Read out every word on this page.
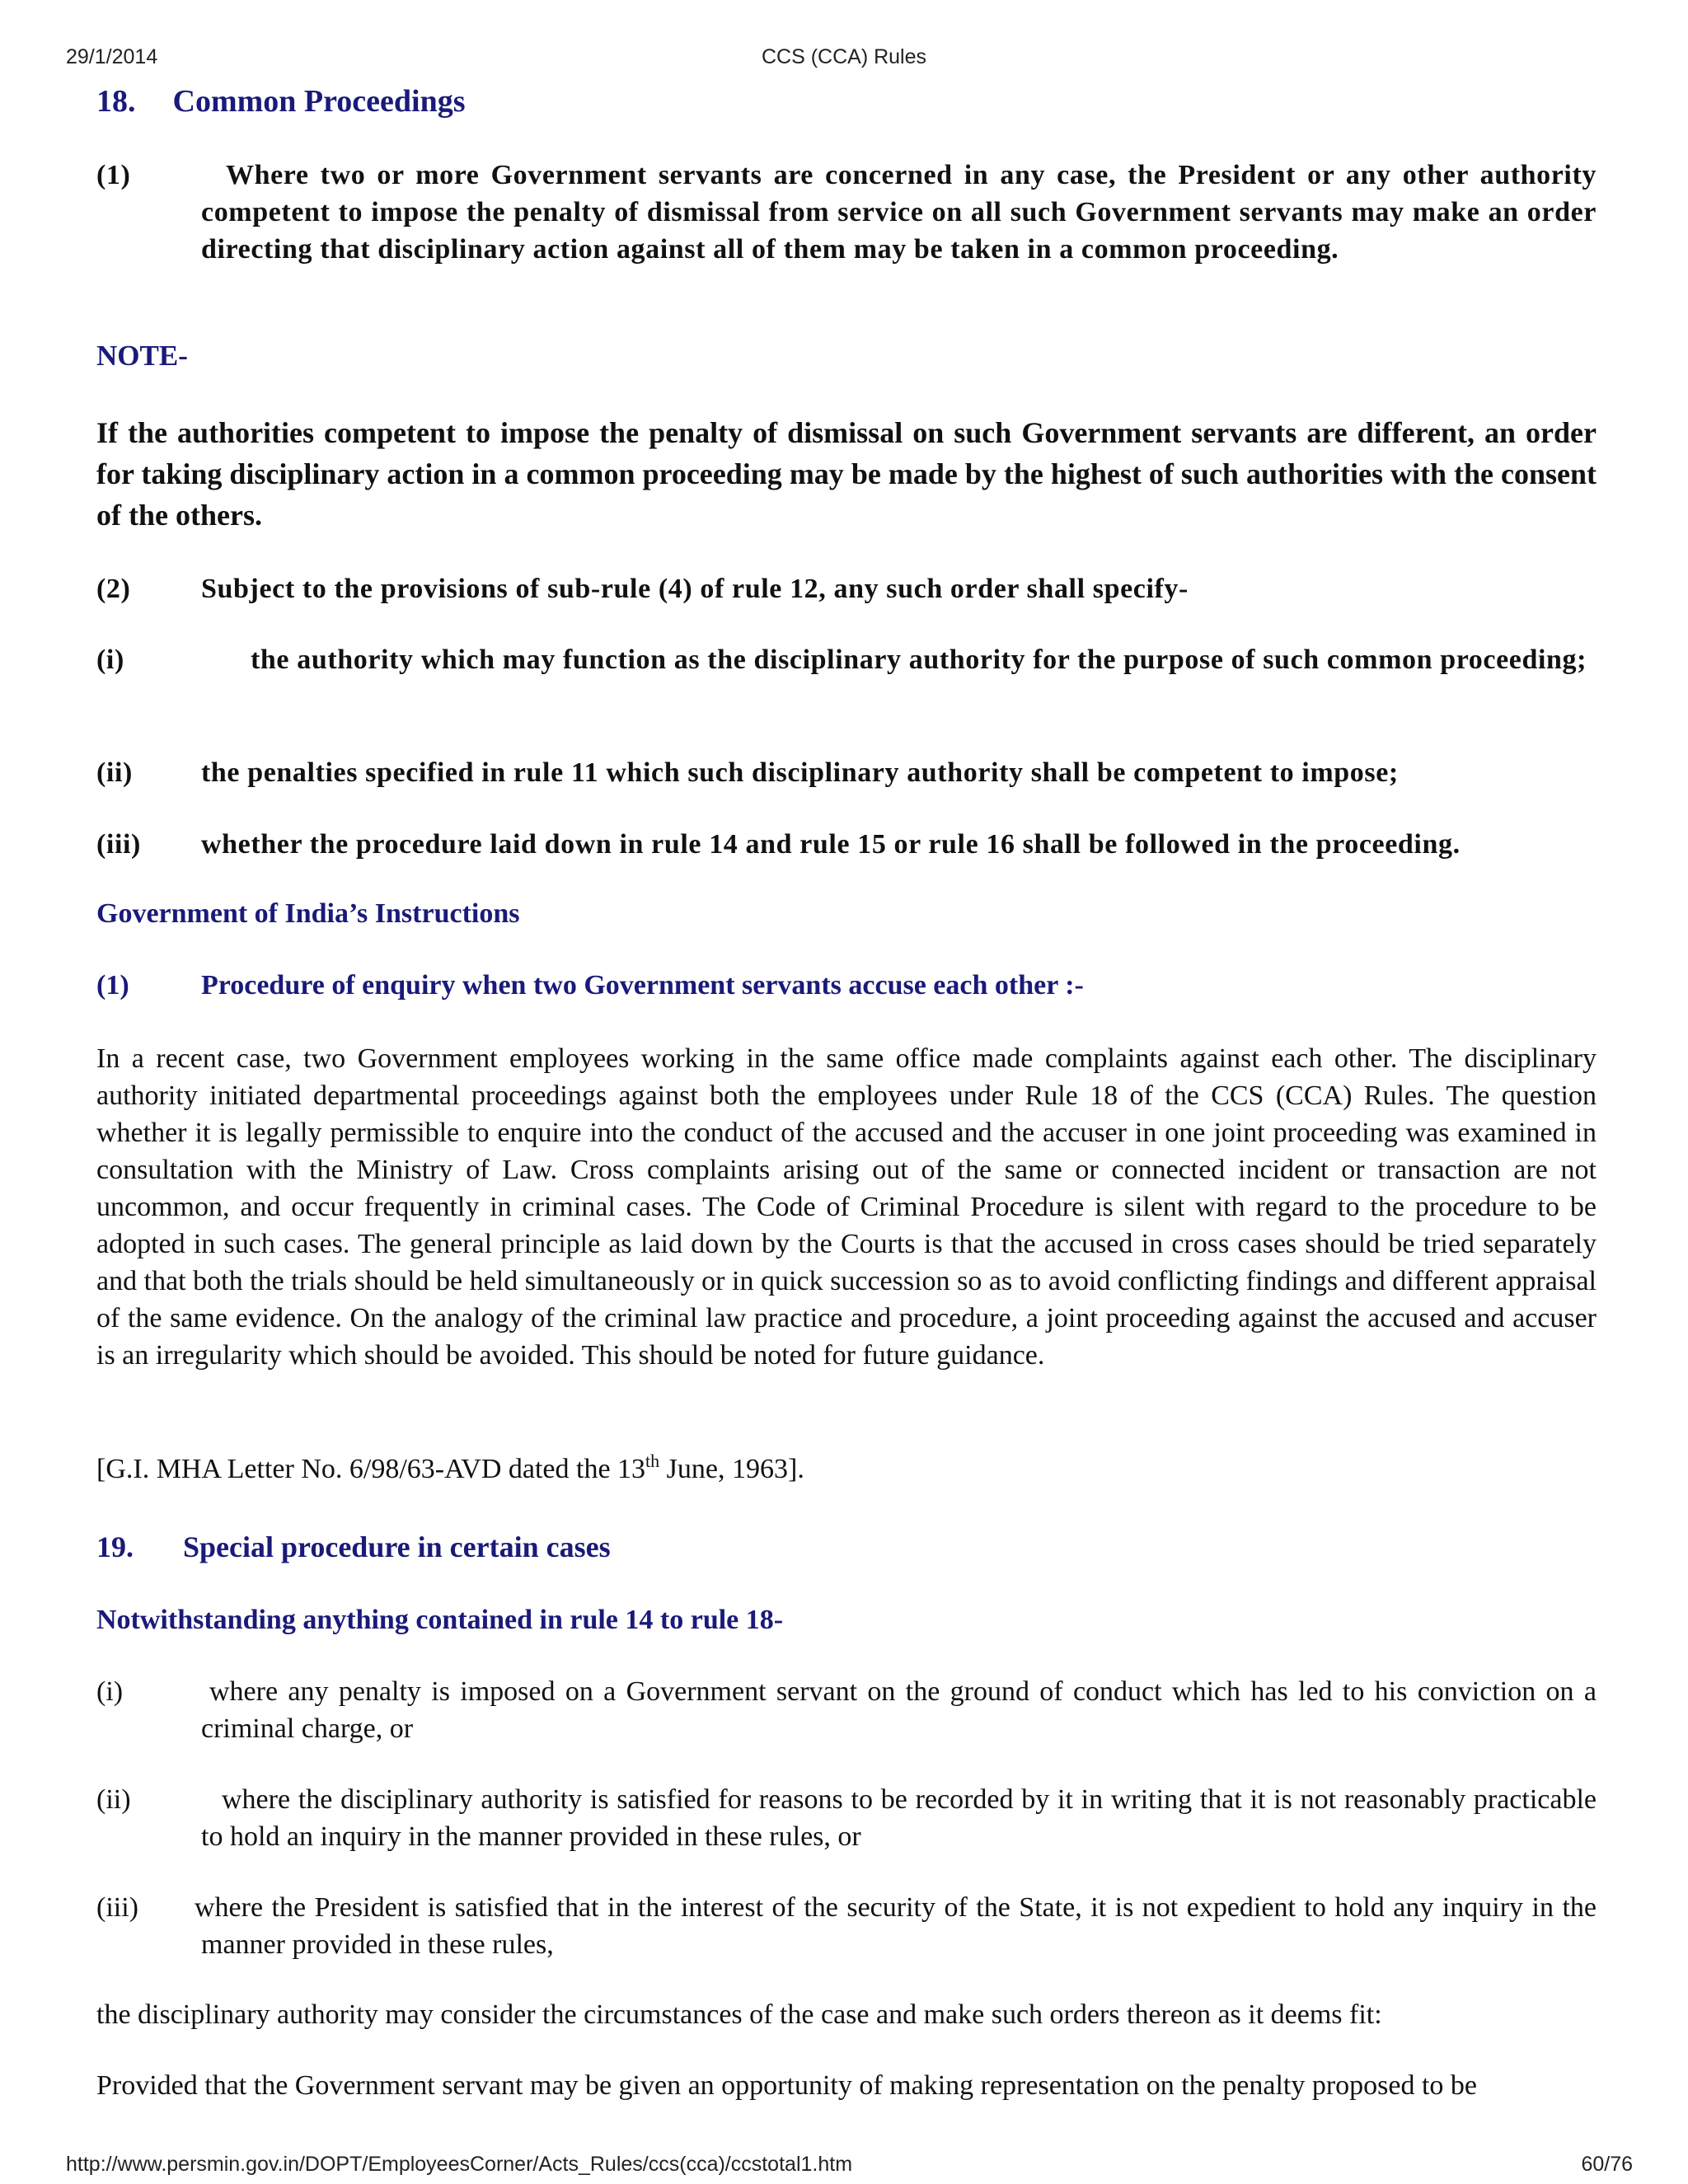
29/1/2014	CCS (CCA) Rules
18. Common Proceedings
(1)	Where two or more Government servants are concerned in any case, the President or any other authority competent to impose the penalty of dismissal from service on all such Government servants may make an order directing that disciplinary action against all of them may be taken in a common proceeding.
NOTE-
If the authorities competent to impose the penalty of dismissal on such Government servants are different, an order for taking disciplinary action in a common proceeding may be made by the highest of such authorities with the consent of the others.
(2)	Subject to the provisions of sub-rule (4) of rule 12, any such order shall specify-
(i)	the authority which may function as the disciplinary authority for the purpose of such common proceeding;
(ii) the penalties specified in rule 11 which such disciplinary authority shall be competent to impose;
(iii) whether the procedure laid down in rule 14 and rule 15 or rule 16 shall be followed in the proceeding.
Government of India’s Instructions
(1)	Procedure of enquiry when two Government servants accuse each other :-
In a recent case, two Government employees working in the same office made complaints against each other. The disciplinary authority initiated departmental proceedings against both the employees under Rule 18 of the CCS (CCA) Rules. The question whether it is legally permissible to enquire into the conduct of the accused and the accuser in one joint proceeding was examined in consultation with the Ministry of Law. Cross complaints arising out of the same or connected incident or transaction are not uncommon, and occur frequently in criminal cases. The Code of Criminal Procedure is silent with regard to the procedure to be adopted in such cases. The general principle as laid down by the Courts is that the accused in cross cases should be tried separately and that both the trials should be held simultaneously or in quick succession so as to avoid conflicting findings and different appraisal of the same evidence. On the analogy of the criminal law practice and procedure, a joint proceeding against the accused and accuser is an irregularity which should be avoided. This should be noted for future guidance.
[G.I. MHA Letter No. 6/98/63-AVD dated the 13th June, 1963].
19. Special procedure in certain cases
Notwithstanding anything contained in rule 14 to rule 18-
(i)	where any penalty is imposed on a Government servant on the ground of conduct which has led to his conviction on a criminal charge, or
(ii)	where the disciplinary authority is satisfied for reasons to be recorded by it in writing that it is not reasonably practicable to hold an inquiry in the manner provided in these rules, or
(iii) where the President is satisfied that in the interest of the security of the State, it is not expedient to hold any inquiry in the manner provided in these rules,
the disciplinary authority may consider the circumstances of the case and make such orders thereon as it deems fit:
Provided that the Government servant may be given an opportunity of making representation on the penalty proposed to be
http://www.persmin.gov.in/DOPT/EmployeesCorner/Acts_Rules/ccs(cca)/ccstotal1.htm	60/76
